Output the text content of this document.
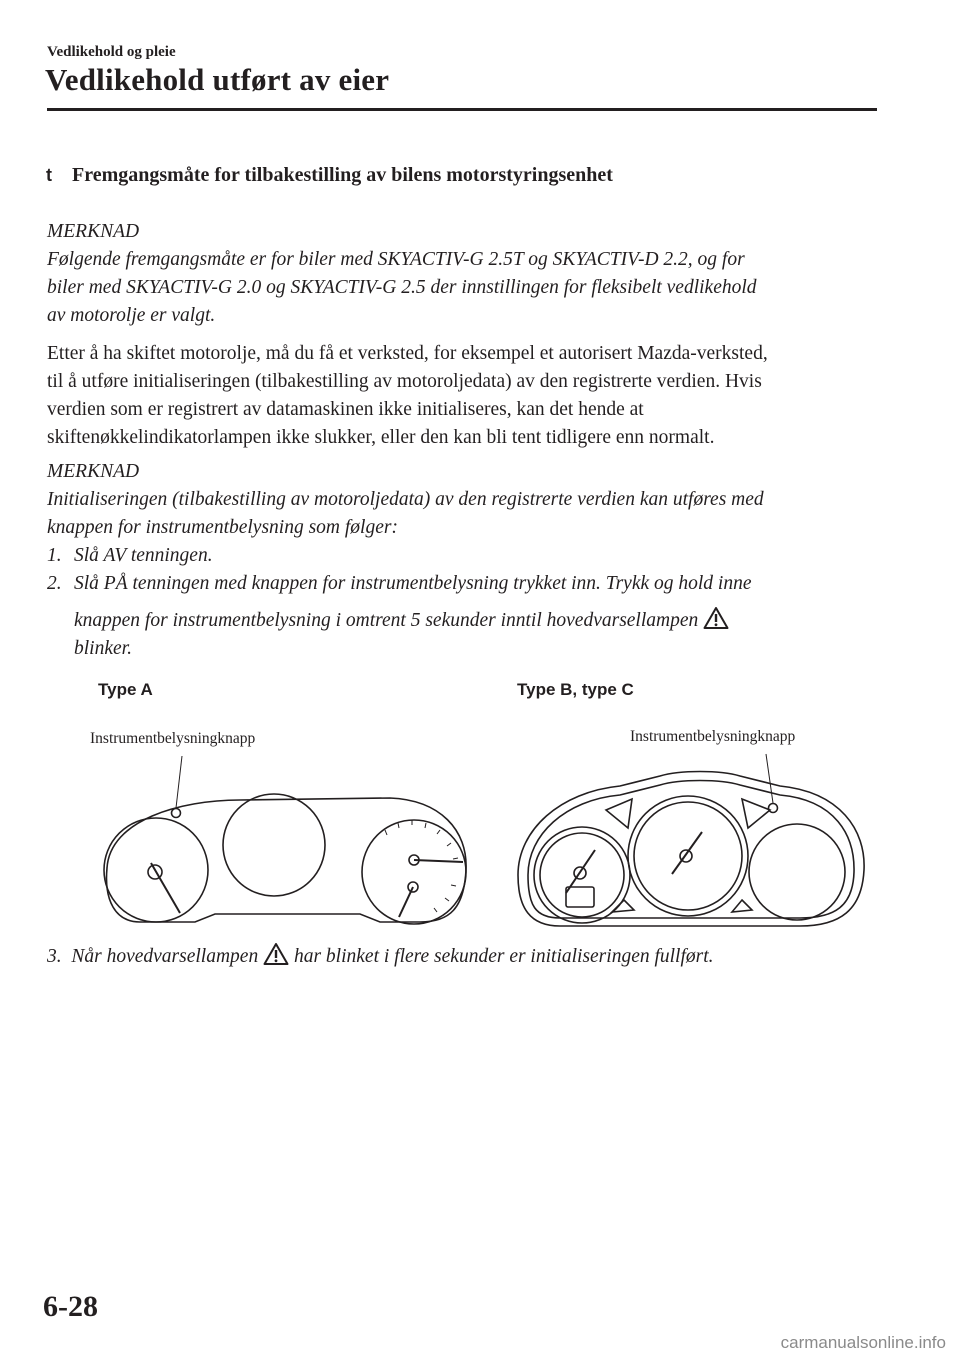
Vedlikehold og pleie
Vedlikehold utført av eier
t	Fremgangsmåte for tilbakestilling av bilens motorstyringsenhet
MERKNAD
Følgende fremgangsmåte er for biler med SKYACTIV-G 2.5T og SKYACTIV-D 2.2, og for
biler med SKYACTIV-G 2.0 og SKYACTIV-G 2.5 der innstillingen for fleksibelt vedlikehold
av motorolje er valgt.
Etter å ha skiftet motorolje, må du få et verksted, for eksempel et autorisert Mazda-verksted,
til å utføre initialiseringen (tilbakestilling av motoroljedata) av den registrerte verdien. Hvis
verdien som er registrert av datamaskinen ikke initialiseres, kan det hende at
skiftenøkkelindikatorlampen ikke slukker, eller den kan bli tent tidligere enn normalt.
MERKNAD
Initialiseringen (tilbakestilling av motoroljedata) av den registrerte verdien kan utføres med
knappen for instrumentbelysning som følger:
1. Slå AV tenningen.
2. Slå PÅ tenningen med knappen for instrumentbelysning trykket inn. Trykk og hold inne
knappen for instrumentbelysning i omtrent 5 sekunder inntil hovedvarsellampen
blinker.
Type A	Type B, type C
Instrumentbelysningknapp	Instrumentbelysningknapp
3. Når hovedvarsellampen har blinket i flere sekunder er initialiseringen fullført.
6-28
carmanualsonline.info
